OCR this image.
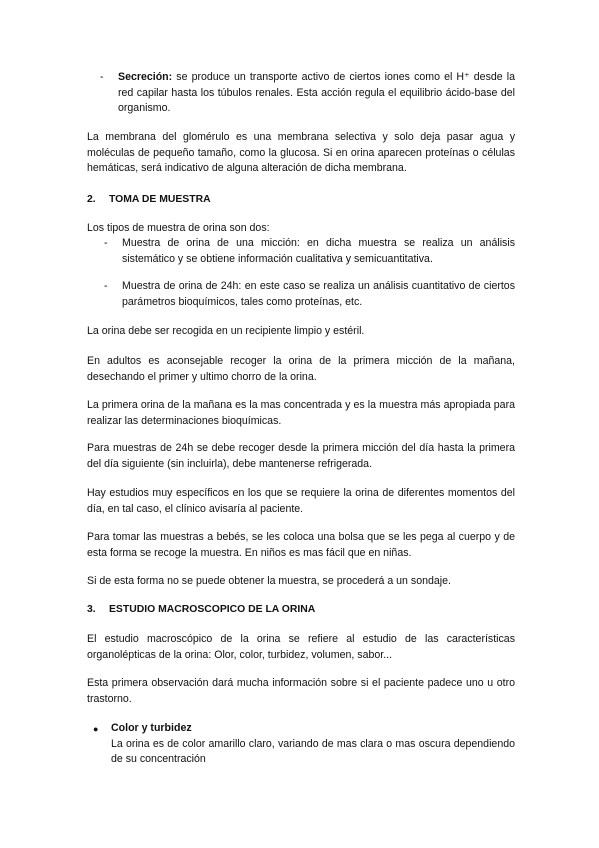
- Secreción: se produce un transporte activo de ciertos iones como el H⁺ desde la red capilar hasta los túbulos renales. Esta acción regula el equilibrio ácido-base del organismo.
La membrana del glomérulo es una membrana selectiva y solo deja pasar agua y moléculas de pequeño tamaño, como la glucosa. Si en orina aparecen proteínas o células hemáticas, será indicativo de alguna alteración de dicha membrana.
2. TOMA DE MUESTRA
Los tipos de muestra de orina son dos:
- Muestra de orina de una micción: en dicha muestra se realiza un análisis sistemático y se obtiene información cualitativa y semicuantitativa.
- Muestra de orina de 24h: en este caso se realiza un análisis cuantitativo de ciertos parámetros bioquímicos, tales como proteínas, etc.
La orina debe ser recogida en un recipiente limpio y estéril.
En adultos es aconsejable recoger la orina de la primera micción de la mañana, desechando el primer y ultimo chorro de la orina.
La primera orina de la mañana es la mas concentrada y es la muestra más apropiada para realizar las determinaciones bioquímicas.
Para muestras de 24h se debe recoger desde la primera micción del día hasta la primera del día siguiente (sin incluirla), debe mantenerse refrigerada.
Hay estudios muy específicos en los que se requiere la orina de diferentes momentos del día, en tal caso, el clínico avisaría al paciente.
Para tomar las muestras a bebés, se les coloca una bolsa que se les pega al cuerpo y de esta forma se recoge la muestra. En niños es mas fácil que en niñas.
Si de esta forma no se puede obtener la muestra, se procederá a un sondaje.
3. ESTUDIO MACROSCOPICO DE LA ORINA
El estudio macroscópico de la orina se refiere al estudio de las características organolépticas de la orina: Olor, color, turbidez, volumen, sabor...
Esta primera observación dará mucha información sobre si el paciente padece uno u otro trastorno.
● Color y turbidez
La orina es de color amarillo claro, variando de mas clara o mas oscura dependiendo de su concentración
